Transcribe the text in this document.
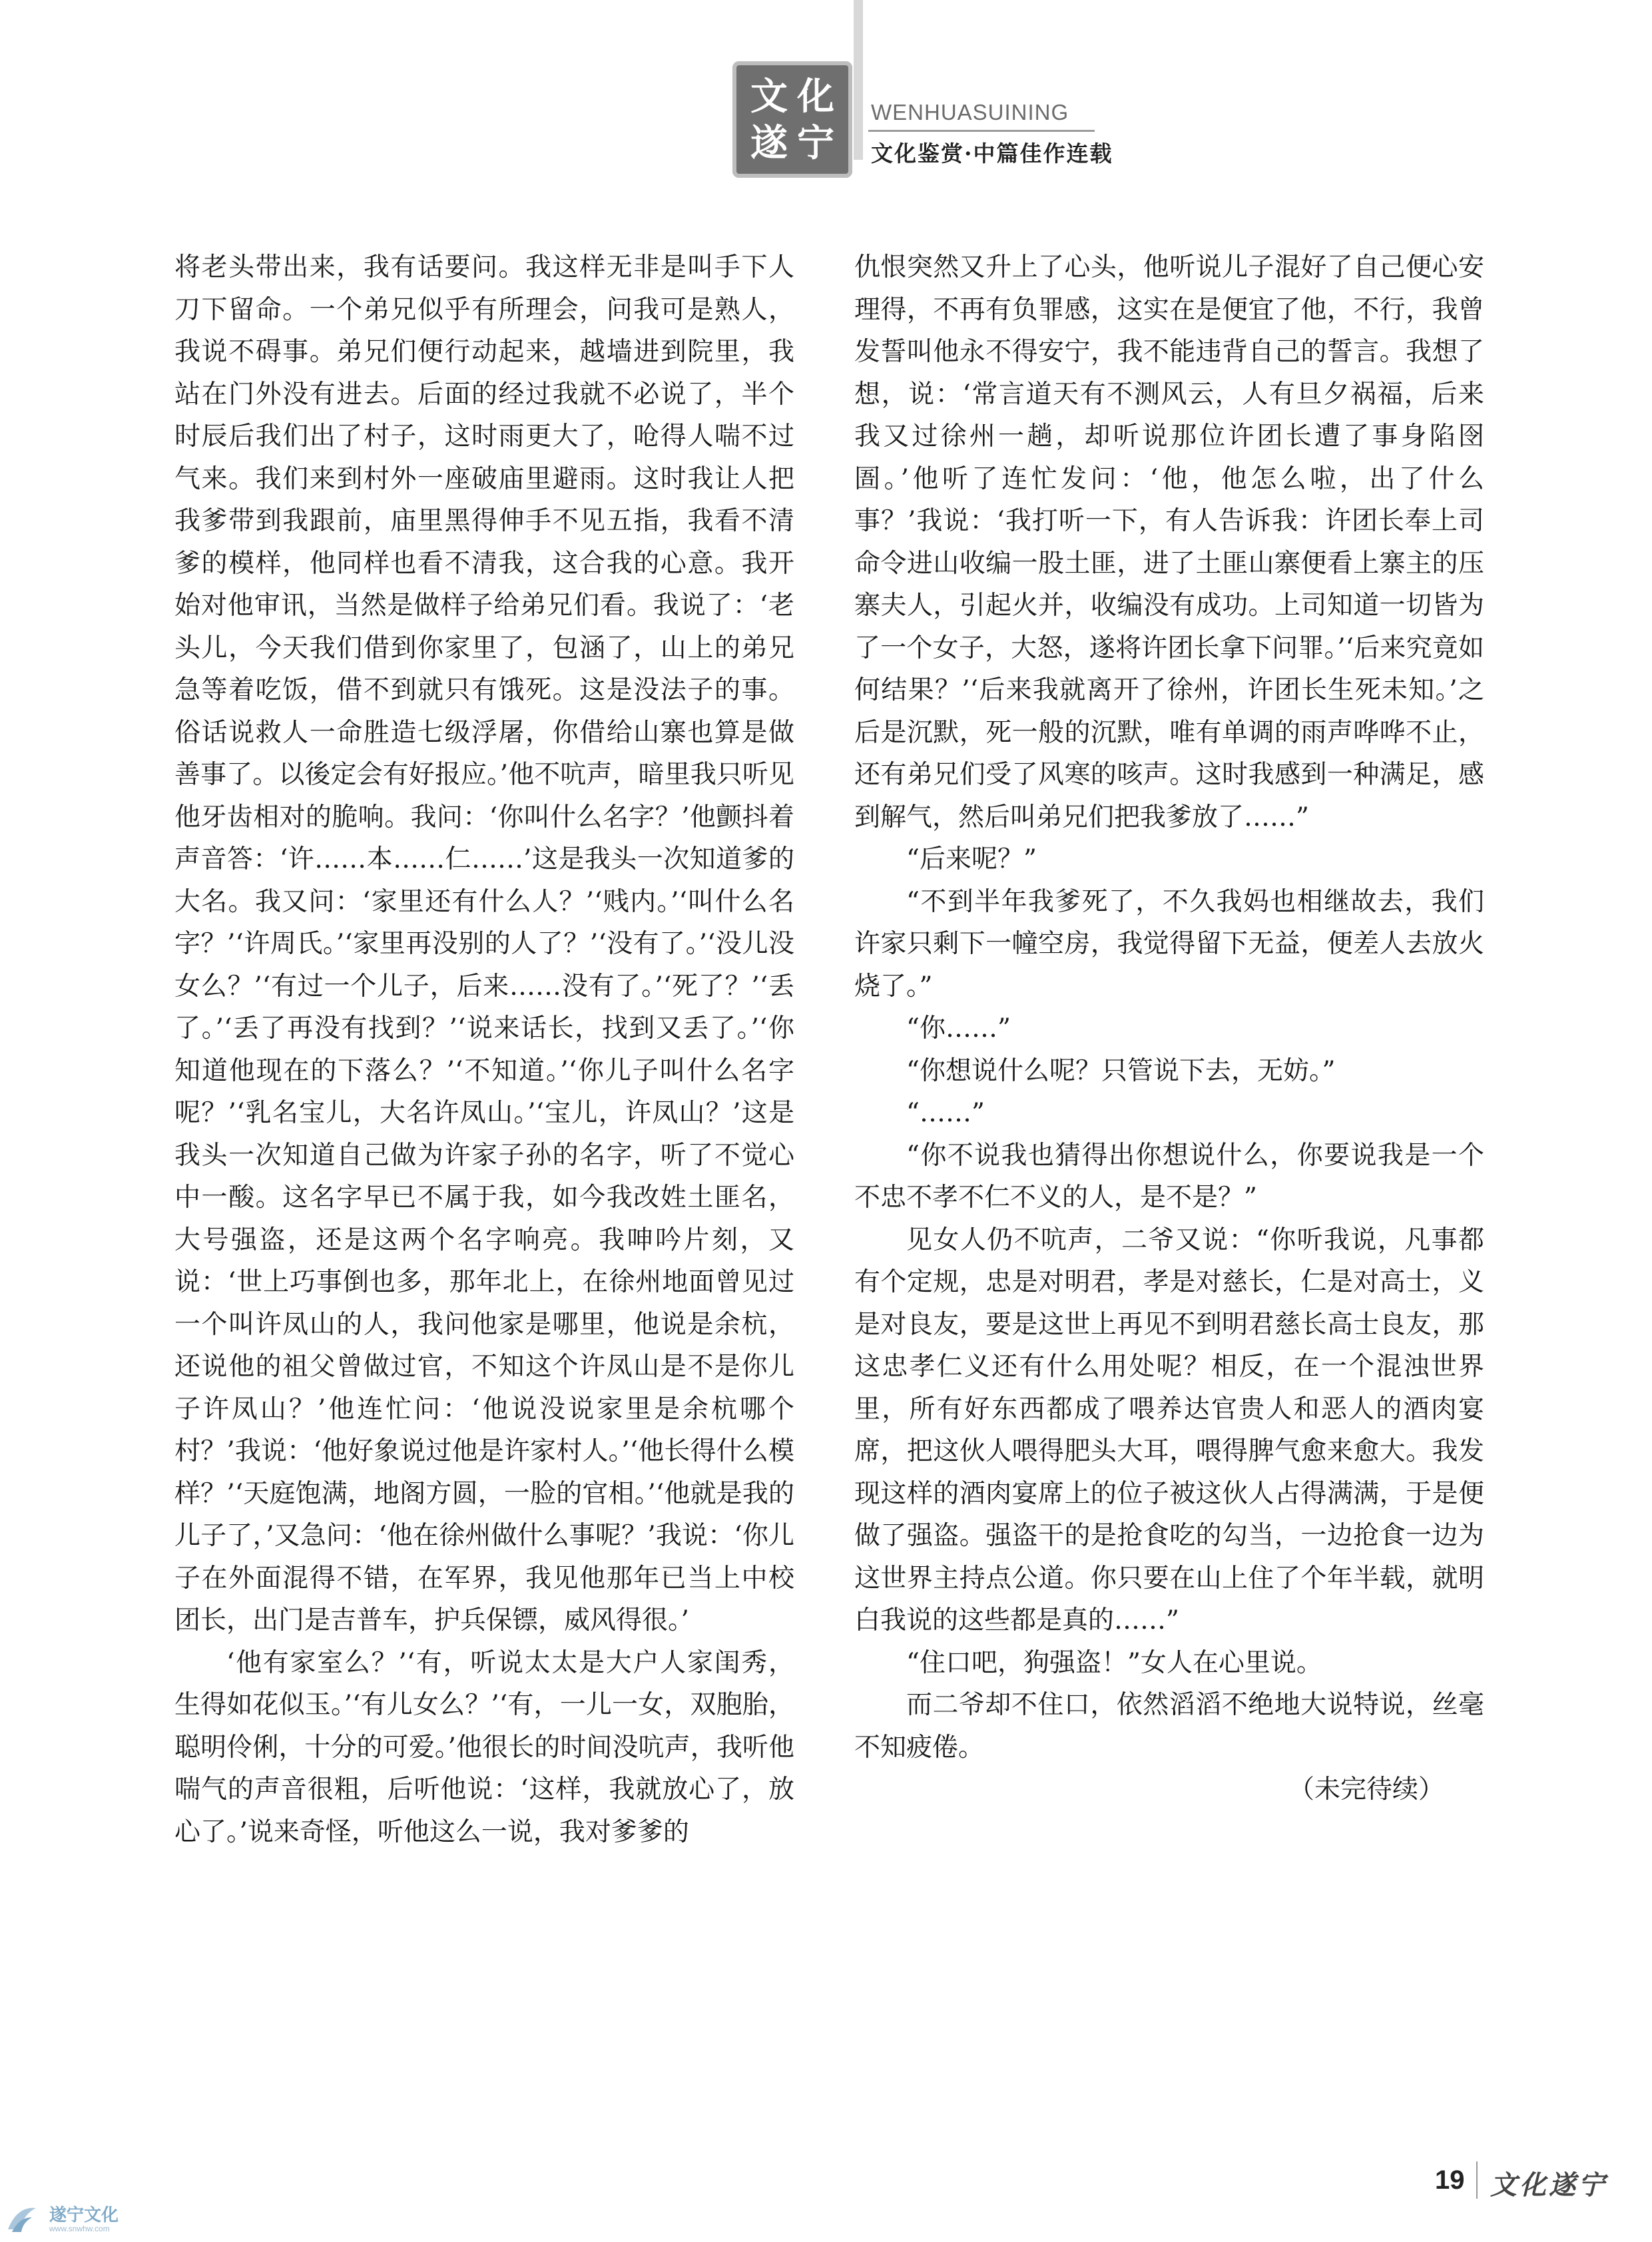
文 化
遂 宁
WENHUASUINING
文化鉴赏·中篇佳作连载

将老头带出来，我有话要问。我这样无非是叫手下人刀下留命。一个弟兄似乎有所理会，问我可是熟人，我说不碍事。弟兄们便行动起来，越墙进到院里，我站在门外没有进去。后面的经过我就不必说了，半个时辰后我们出了村子，这时雨更大了，呛得人喘不过气来。我们来到村外一座破庙里避雨。这时我让人把我爹带到我跟前，庙里黑得伸手不见五指，我看不清爹的模样，他同样也看不清我，这合我的心意。我开始对他审讯，当然是做样子给弟兄们看。我说了：‘老头儿，今天我们借到你家里了，包涵了，山上的弟兄急等着吃饭，借不到就只有饿死。这是没法子的事。俗话说救人一命胜造七级浮屠，你借给山寨也算是做善事了。以後定会有好报应。’他不吭声，暗里我只听见他牙齿相对的脆响。我问：‘你叫什么名字？’他颤抖着声音答：‘许……本……仁……’这是我头一次知道爹的大名。我又问：‘家里还有什么人？’‘贱内。’‘叫什么名字？’‘许周氏。’‘家里再没别的人了？’‘没有了。’‘没儿没女么？’‘有过一个儿子，后来……没有了。’‘死了？’‘丢了。’‘丢了再没有找到？’‘说来话长，找到又丢了。’‘你知道他现在的下落么？’‘不知道。’‘你儿子叫什么名字呢？’‘乳名宝儿，大名许凤山。’‘宝儿，许凤山？’这是我头一次知道自己做为许家子孙的名字，听了不觉心中一酸。这名字早已不属于我，如今我改姓土匪名，大号强盗，还是这两个名字响亮。我呻吟片刻，又说：‘世上巧事倒也多，那年北上，在徐州地面曾见过一个叫许凤山的人，我问他家是哪里，他说是余杭，还说他的祖父曾做过官，不知这个许凤山是不是你儿子许凤山？’他连忙问：‘他说没说家里是余杭哪个村？’我说：‘他好象说过他是许家村人。’‘他长得什么模样？’‘天庭饱满，地阁方圆，一脸的官相。’‘他就是我的儿子了，’又急问：‘他在徐州做什么事呢？’我说：‘你儿子在外面混得不错，在军界，我见他那年已当上中校团长，出门是吉普车，护兵保镖，威风得很。’

‘他有家室么？’‘有，听说太太是大户人家闺秀，生得如花似玉。’‘有儿女么？’‘有，一儿一女，双胞胎，聪明伶俐，十分的可爱。’他很长的时间没吭声，我听他喘气的声音很粗，后听他说：‘这样，我就放心了，放心了。’说来奇怪，听他这么一说，我对爹爹的

仇恨突然又升上了心头，他听说儿子混好了自己便心安理得，不再有负罪感，这实在是便宜了他，不行，我曾发誓叫他永不得安宁，我不能违背自己的誓言。我想了想，说：‘常言道天有不测风云，人有旦夕祸福，后来我又过徐州一趟，却听说那位许团长遭了事身陷囹圄。’他听了连忙发问：‘他，他怎么啦，出了什么事？’我说：‘我打听一下，有人告诉我：许团长奉上司命令进山收编一股土匪，进了土匪山寨便看上寨主的压寨夫人，引起火并，收编没有成功。上司知道一切皆为了一个女子，大怒，遂将许团长拿下问罪。’‘后来究竟如何结果？’‘后来我就离开了徐州，许团长生死未知。’之后是沉默，死一般的沉默，唯有单调的雨声哗哗不止，还有弟兄们受了风寒的咳声。这时我感到一种满足，感到解气，然后叫弟兄们把我爹放了……”

“后来呢？”

“不到半年我爹死了，不久我妈也相继故去，我们许家只剩下一幢空房，我觉得留下无益，便差人去放火烧了。”

“你……”

“你想说什么呢？只管说下去，无妨。”

“……”

“你不说我也猜得出你想说什么，你要说我是一个不忠不孝不仁不义的人，是不是？”

见女人仍不吭声，二爷又说：“你听我说，凡事都有个定规，忠是对明君，孝是对慈长，仁是对高士，义是对良友，要是这世上再见不到明君慈长高士良友，那这忠孝仁义还有什么用处呢？相反，在一个混浊世界里，所有好东西都成了喂养达官贵人和恶人的酒肉宴席，把这伙人喂得肥头大耳，喂得脾气愈来愈大。我发现这样的酒肉宴席上的位子被这伙人占得满满，于是便做了强盗。强盗干的是抢食吃的勾当，一边抢食一边为这世界主持点公道。你只要在山上住了个年半载，就明白我说的这些都是真的……”

“住口吧，狗强盗！”女人在心里说。

而二爷却不住口，依然滔滔不绝地大说特说，丝毫不知疲倦。

（未完待续）

19 文化遂宁
遂宁文化
www.snwhw.com
